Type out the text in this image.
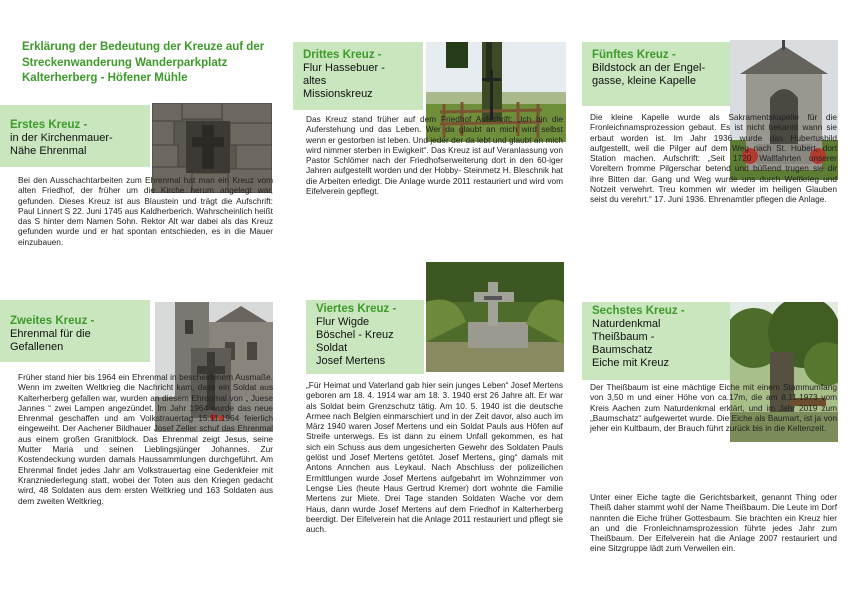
Erklärung der Bedeutung der Kreuze auf der
Streckenwanderung Wanderparkplatz
Kalterherberg - Höfener Mühle
Erstes Kreuz -
in der Kirchenmauer-
Nähe Ehrenmal
Bei den Ausschachtarbeiten zum Ehrenmal hat man ein Kreuz vom alten Friedhof, der früher um die Kirche herum angelegt war, gefunden. Dieses Kreuz ist aus Blaustein und trägt die Aufschrift: Paul Linnert S 22. Juni 1745 aus Kaldherberich. Wahrscheinlich heißt das S hinter dem Namen Sohn. Rektor Alt war dabei als das Kreuz gefunden wurde und er hat spontan entschieden, es in die Mauer einzubauen.
Zweites Kreuz -
Ehrenmal für die
Gefallenen
Früher stand hier bis 1964 ein Ehrenmal in bescheidenem Ausmaße. Wenn im zweiten Weltkrieg die Nachricht kam, dass ein Soldat aus Kalterherberg gefallen war, wurden an diesem Ehrenmal von „ Juese Jannes “ zwei Lampen angezündet. Im Jahr 1964 wurde das neue Ehrenmal geschaffen und am Volkstrauertag 15.11.1964 feierlich eingeweiht. Der Aachener Bildhauer Josef Zeller schuf das Ehrenmal aus einem großen Granitblock. Das Ehrenmal zeigt Jesus, seine Mutter Maria und seinen Lieblingsjünger Johannes. Zur Kostendeckung wurden damals Haussammlungen durchgeführt. Am Ehrenmal findet jedes Jahr am Volkstrauertag eine Gedenkfeier mit Kranzniederlegung statt, wobei der Toten aus den Kriegen gedacht wird, 48 Soldaten aus dem ersten Weltkrieg und 163 Soldaten aus dem zweiten Weltkrieg.
Drittes Kreuz -
Flur Hassebuer -
altes
Missionskreuz
Das Kreuz stand früher auf dem Friedhof Aufschrift: „Ich bin die Auferstehung und das Leben. Wer da glaubt an mich wird selbst wenn er gestorben ist leben. Und jeder der da lebt und glaubt an mich wird nimmer sterben in Ewigkeit“. Das Kreuz ist auf Veranlassung von Pastor Schlömer nach der Friedhofserweiterung dort in den 60-iger Jahren aufgestellt worden und der Hobby- Steinmetz H. Bleschnik hat die Arbeiten erledigt. Die Anlage wurde 2011 restauriert und wird vom Eifelverein gepflegt.
Viertes Kreuz -
Flur Wigde
Böschel - Kreuz
Soldat
Josef Mertens
„Für Heimat und Vaterland gab hier sein junges Leben“ Josef Mertens geboren am 18. 4. 1914 war am 18. 3. 1940 erst 26 Jahre alt. Er war als Soldat beim Grenzschutz tätig. Am 10. 5. 1940 ist die deutsche Armee nach Belgien einmarschiert und in der Zeit davor, also auch im März 1940 waren Josef Mertens und ein Soldat Pauls aus Höfen auf Streife unterwegs. Es ist dann zu einem Unfall gekommen, es hat sich ein Schuss aus dem ungesicherten Gewehr des Soldaten Pauls gelöst und Josef Mertens getötet. Josef Mertens„ ging“ damals mit Antons Annchen aus Leykaul. Nach Abschluss der polizeilichen Ermittlungen wurde Josef Mertens aufgebahrt im Wohnzimmer von Lengse Lies (heute Haus Gertrud Kremer) dort wohnte die Familie Mertens zur Miete. Drei Tage standen Soldaten Wache vor dem Haus, dann wurde Josef Mertens auf dem Friedhof in Kalterherberg beerdigt. Der Eifelverein hat die Anlage 2011 restauriert und pflegt sie auch.
Fünftes Kreuz -
Bildstock an der Engel-
gasse, kleine Kapelle
Die kleine Kapelle wurde als Sakramentskapelle für die Fronleichnamsprozession gebaut. Es ist nicht bekannt wann sie erbaut worden ist. Im Jahr 1936 wurde das Hubertusbild aufgestellt, weil die Pilger auf dem Weg nach St. Hubert, dort Station machen. Aufschrift: „Seit 1720 Wallfahrten unserer Voreltern fromme Pilgerschar betend und büßend trugen sie dir ihre Bitten dar. Gang und Weg wurde uns durch Weltkrieg und Notzeit verwehrt. Treu kommen wir wieder im heiligen Glauben seist du verehrt.“ 17. Juni 1936. Ehrenamtler pflegen die Anlage.
Sechstes Kreuz -
Naturdenkmal
Theißbaum -
Baumschatz
Eiche mit Kreuz
Der Theißbaum ist eine mächtige Eiche mit einem Stammumfang von 3,50 m und einer Höhe von ca.17m, die am 8.11.1973 vom Kreis Aachen zum Naturdenkmal erklärt, und im Jahr 2019 zum „Baumschatz“ aufgewertet wurde. Die Eiche als Baumart, ist ja von jeher ein Kultbaum, der Brauch führt zurück bis in die Keltenzeit.
Unter einer Eiche tagte die Gerichtsbarkeit, genannt Thing oder Theiß daher stammt wohl der Name Theißbaum. Die Leute im Dorf nannten die Eiche früher Gottesbaum. Sie brachten ein Kreuz hier an und die Fronleichnamsprozession führte jedes Jahr zum Theißbaum. Der Eifelverein hat die Anlage 2007 restauriert und eine Sitzgruppe lädt zum Verweilen ein.
